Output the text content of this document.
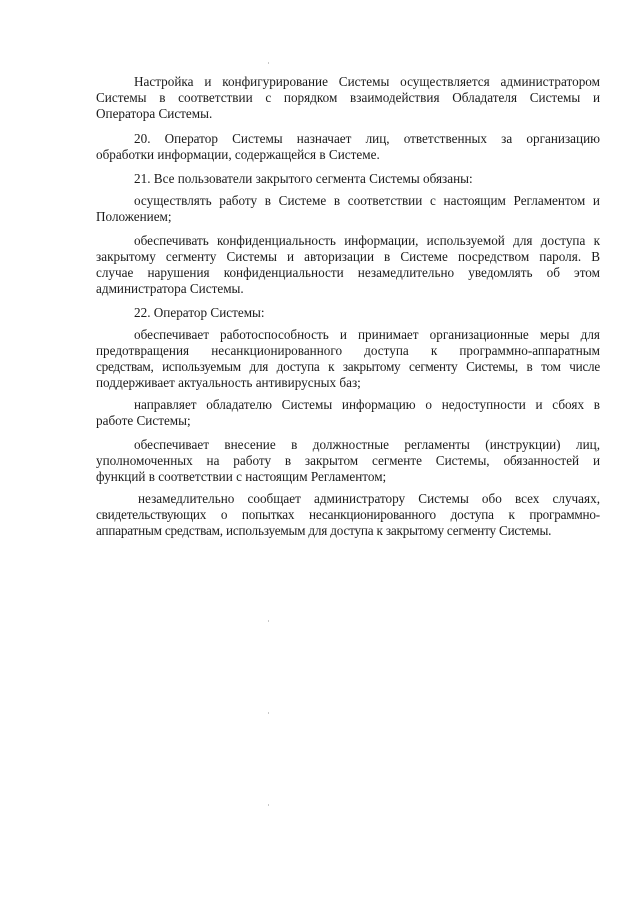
Настройка и конфигурирование Системы осуществляется администратором
Системы в соответствии с порядком взаимодействия Обладателя Системы и
Оператора Системы.
20. Оператор Системы назначает лиц, ответственных за организацию
обработки информации, содержащейся в Системе.
21. Все пользователи закрытого сегмента Системы обязаны:
осуществлять работу в Системе в соответствии с настоящим Регламентом и
Положением;
обеспечивать конфиденциальность информации, используемой для доступа к
закрытому сегменту Системы и авторизации в Системе посредством пароля. В
случае нарушения конфиденциальности незамедлительно уведомлять об этом
администратора Системы.
22. Оператор Системы:
обеспечивает работоспособность и принимает организационные меры для
предотвращения несанкционированного доступа к программно-аппаратным
средствам, используемым для доступа к закрытому сегменту Системы, в том числе
поддерживает актуальность антивирусных баз;
направляет обладателю Системы информацию о недоступности и сбоях в
работе Системы;
обеспечивает внесение в должностные регламенты (инструкции) лиц,
уполномоченных на работу в закрытом сегменте Системы, обязанностей и
функций в соответствии с настоящим Регламентом;
незамедлительно сообщает администратору Системы обо всех случаях,
свидетельствующих о попытках несанкционированного доступа к программно-
аппаратным средствам, используемым для доступа к закрытому сегменту Системы.
